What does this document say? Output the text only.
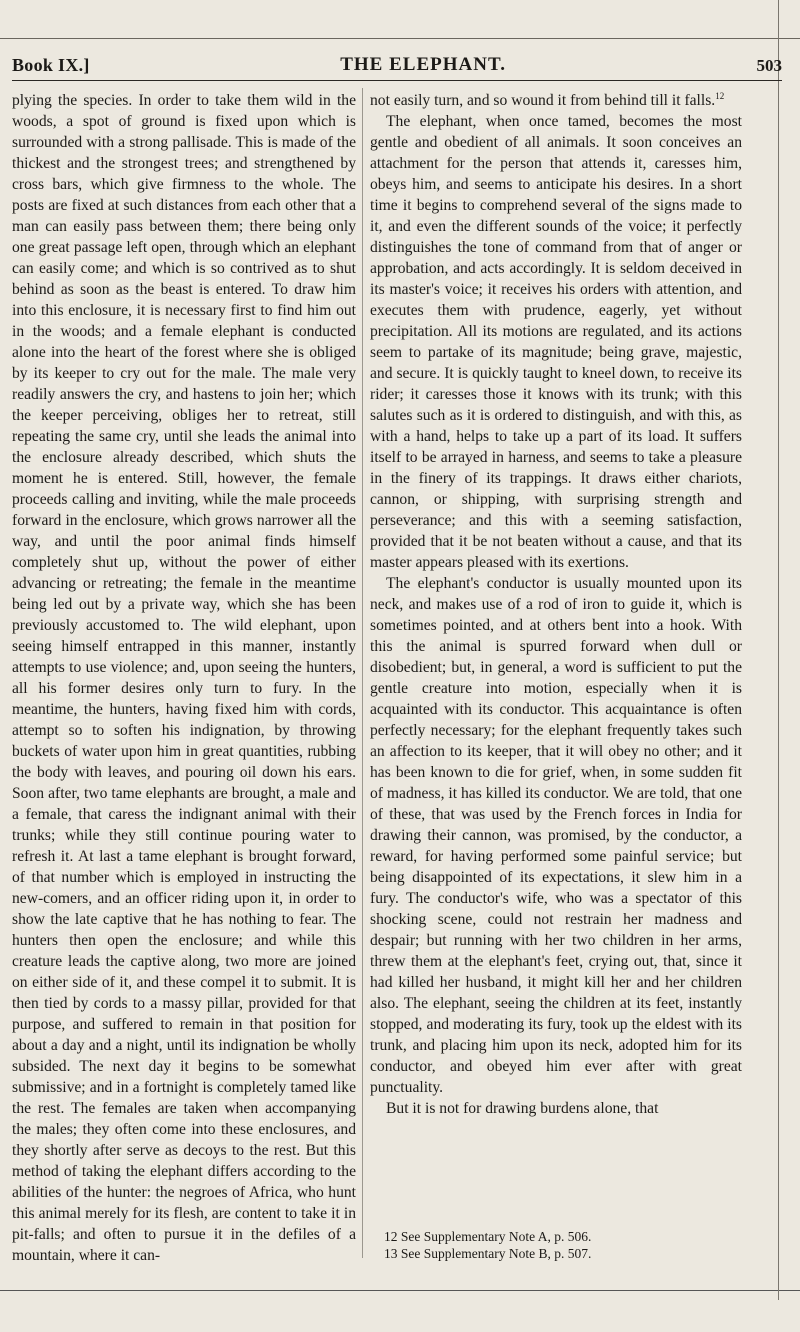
Book IX.]	THE ELEPHANT.	503

plying the species. In order to take them wild in the woods, a spot of ground is fixed upon which is surrounded with a strong pallisade. This is made of the thickest and the strongest trees; and strengthened by cross bars, which give firmness to the whole. The posts are fixed at such distances from each other that a man can easily pass between them; there being only one great passage left open, through which an elephant can easily come; and which is so contrived as to shut behind as soon as the beast is entered. To draw him into this enclosure, it is necessary first to find him out in the woods; and a female elephant is conducted alone into the heart of the forest where she is obliged by its keeper to cry out for the male. The male very readily answers the cry, and hastens to join her; which the keeper perceiving, obliges her to retreat, still repeating the same cry, until she leads the animal into the enclosure already described, which shuts the moment he is entered. Still, however, the female proceeds calling and inviting, while the male proceeds forward in the enclosure, which grows narrower all the way, and until the poor animal finds himself completely shut up, without the power of either advancing or retreating; the female in the meantime being led out by a private way, which she has been previously accustomed to. The wild elephant, upon seeing himself entrapped in this manner, instantly attempts to use violence; and, upon seeing the hunters, all his former desires only turn to fury. In the meantime, the hunters, having fixed him with cords, attempt so to soften his indignation, by throwing buckets of water upon him in great quantities, rubbing the body with leaves, and pouring oil down his ears. Soon after, two tame elephants are brought, a male and a female, that caress the indignant animal with their trunks; while they still continue pouring water to refresh it. At last a tame elephant is brought forward, of that number which is employed in instructing the new-comers, and an officer riding upon it, in order to show the late captive that he has nothing to fear. The hunters then open the enclosure; and while this creature leads the captive along, two more are joined on either side of it, and these compel it to submit. It is then tied by cords to a massy pillar, provided for that purpose, and suffered to remain in that position for about a day and a night, until its indignation be wholly subsided. The next day it begins to be somewhat submissive; and in a fortnight is completely tamed like the rest. The females are taken when accompanying the males; they often come into these enclosures, and they shortly after serve as decoys to the rest. But this method of taking the elephant differs according to the abilities of the hunter: the negroes of Africa, who hunt this animal merely for its flesh, are content to take it in pit-falls; and often to pursue it in the defiles of a mountain, where it can-

not easily turn, and so wound it from behind till it falls.$^{12}$

The elephant, when once tamed, becomes the most gentle and obedient of all animals. It soon conceives an attachment for the person that attends it, caresses him, obeys him, and seems to anticipate his desires. In a short time it begins to comprehend several of the signs made to it, and even the different sounds of the voice; it perfectly distinguishes the tone of command from that of anger or approbation, and acts accordingly. It is seldom deceived in its master's voice; it receives his orders with attention, and executes them with prudence, eagerly, yet without precipitation. All its motions are regulated, and its actions seem to partake of its magnitude; being grave, majestic, and secure. It is quickly taught to kneel down, to receive its rider; it caresses those it knows with its trunk; with this salutes such as it is ordered to distinguish, and with this, as with a hand, helps to take up a part of its load. It suffers itself to be arrayed in harness, and seems to take a pleasure in the finery of its trappings. It draws either chariots, cannon, or shipping, with surprising strength and perseverance; and this with a seeming satisfaction, provided that it be not beaten without a cause, and that its master appears pleased with its exertions.

The elephant's conductor is usually mounted upon its neck, and makes use of a rod of iron to guide it, which is sometimes pointed, and at others bent into a hook. With this the animal is spurred forward when dull or disobedient; but, in general, a word is sufficient to put the gentle creature into motion, especially when it is acquainted with its conductor. This acquaintance is often perfectly necessary; for the elephant frequently takes such an affection to its keeper, that it will obey no other; and it has been known to die for grief, when, in some sudden fit of madness, it has killed its conductor. We are told, that one of these, that was used by the French forces in India for drawing their cannon, was promised, by the conductor, a reward, for having performed some painful service; but being disappointed of its expectations, it slew him in a fury. The conductor's wife, who was a spectator of this shocking scene, could not restrain her madness and despair; but running with her two children in her arms, threw them at the elephant's feet, crying out, that, since it had killed her husband, it might kill her and her children also. The elephant, seeing the children at its feet, instantly stopped, and moderating its fury, took up the eldest with its trunk, and placing him upon its neck, adopted him for its conductor, and obeyed him ever after with great punctuality.

But it is not for drawing burdens alone, that

12 See Supplementary Note A, p. 506.
13 See Supplementary Note B, p. 507.
